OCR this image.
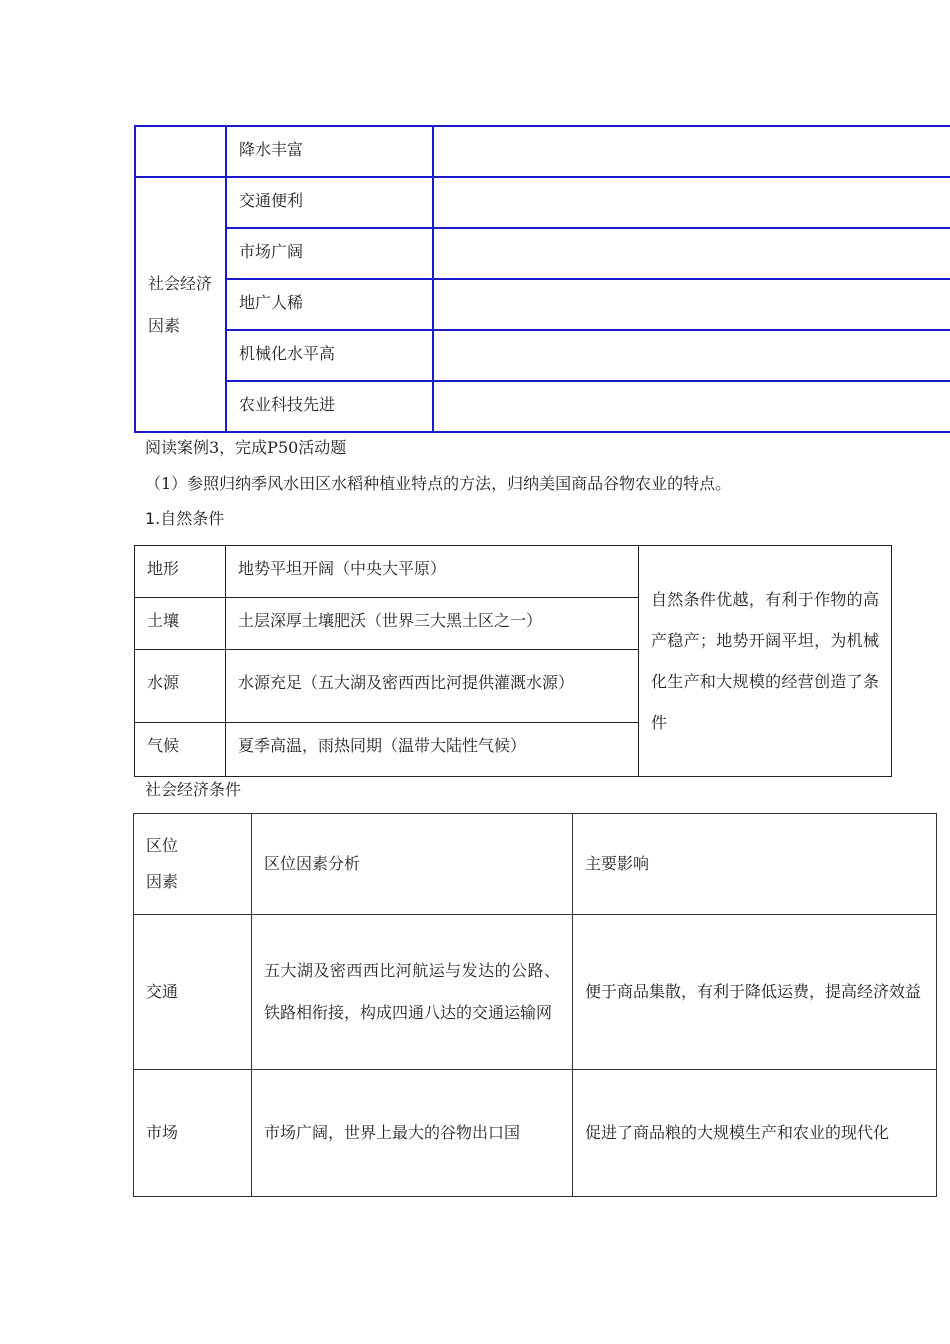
	降水丰富	
社会经济因素	交通便利	
	市场广阔	
	地广人稀	
	机械化水平高	
	农业科技先进	

阅读案例3，完成P50活动题

（1）参照归纳季风水田区水稻种植业特点的方法，归纳美国商品谷物农业的特点。

1.自然条件

地形	地势平坦开阔（中央大平原）	自然条件优越，有利于作物的高产稳产；地势开阔平坦，为机械化生产和大规模的经营创造了条件
土壤	土层深厚土壤肥沃（世界三大黑土区之一）	
水源	水源充足（五大湖及密西西比河提供灌溉水源）	
气候	夏季高温，雨热同期（温带大陆性气候）	

社会经济条件

区位因素	区位因素分析	主要影响
交通	五大湖及密西西比河航运与发达的公路、铁路相衔接，构成四通八达的交通运输网	便于商品集散，有利于降低运费，提高经济效益
市场	市场广阔，世界上最大的谷物出口国	促进了商品粮的大规模生产和农业的现代化
